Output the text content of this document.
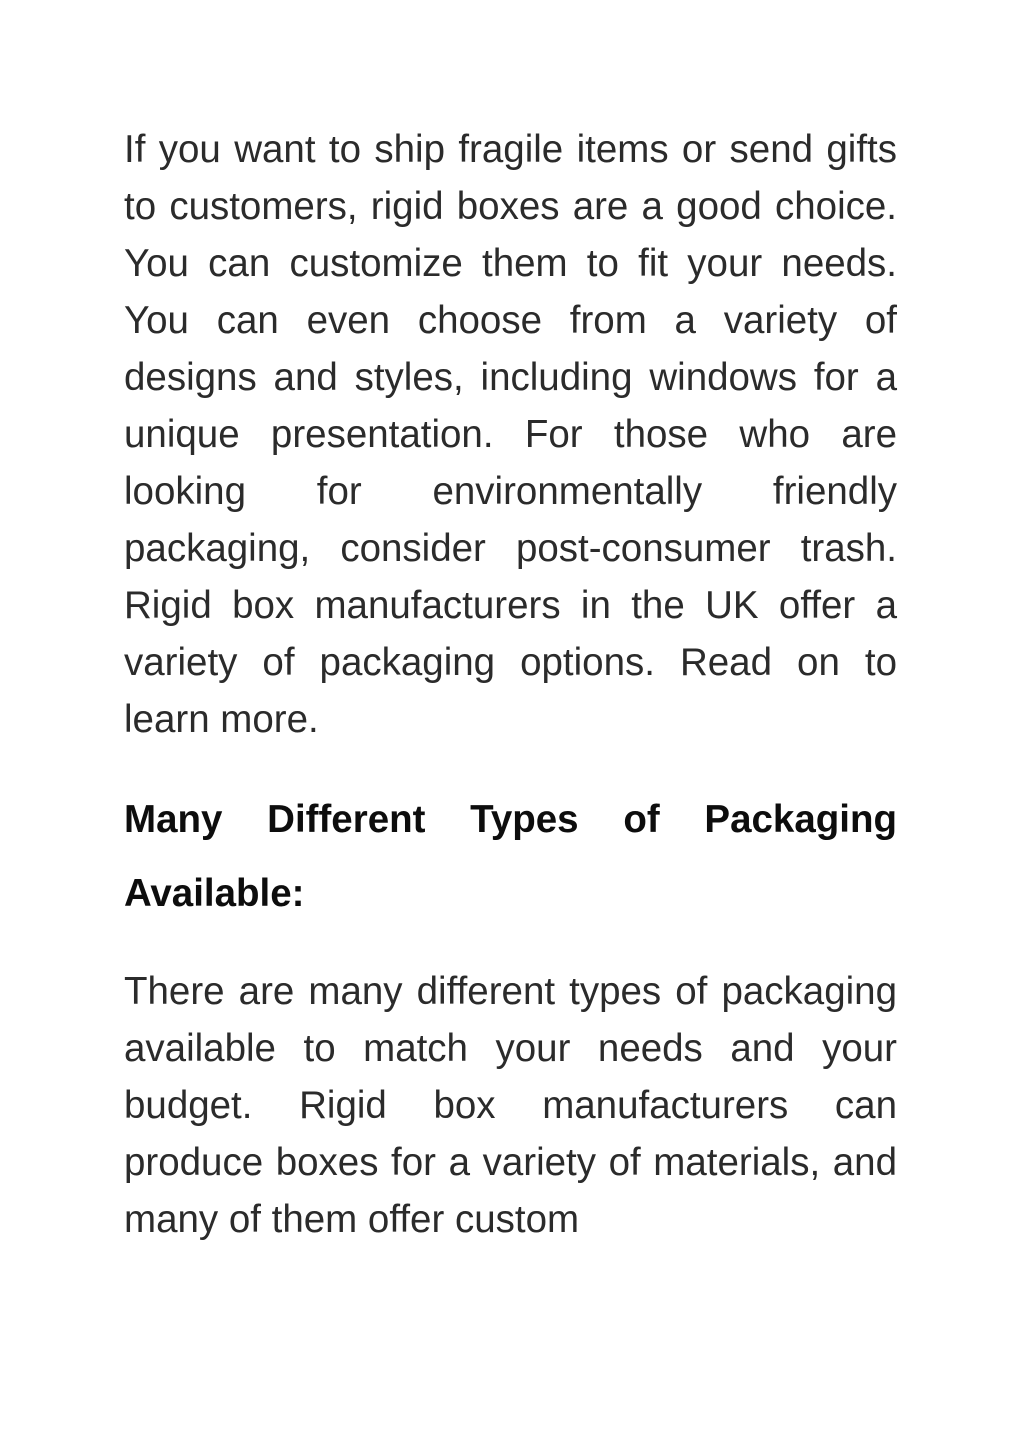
If you want to ship fragile items or send gifts to customers, rigid boxes are a good choice. You can customize them to fit your needs. You can even choose from a variety of designs and styles, including windows for a unique presentation. For those who are looking for environmentally friendly packaging, consider post-consumer trash. Rigid box manufacturers in the UK offer a variety of packaging options. Read on to learn more.

Many Different Types of Packaging Available:

There are many different types of packaging available to match your needs and your budget. Rigid box manufacturers can produce boxes for a variety of materials, and many of them offer custom
